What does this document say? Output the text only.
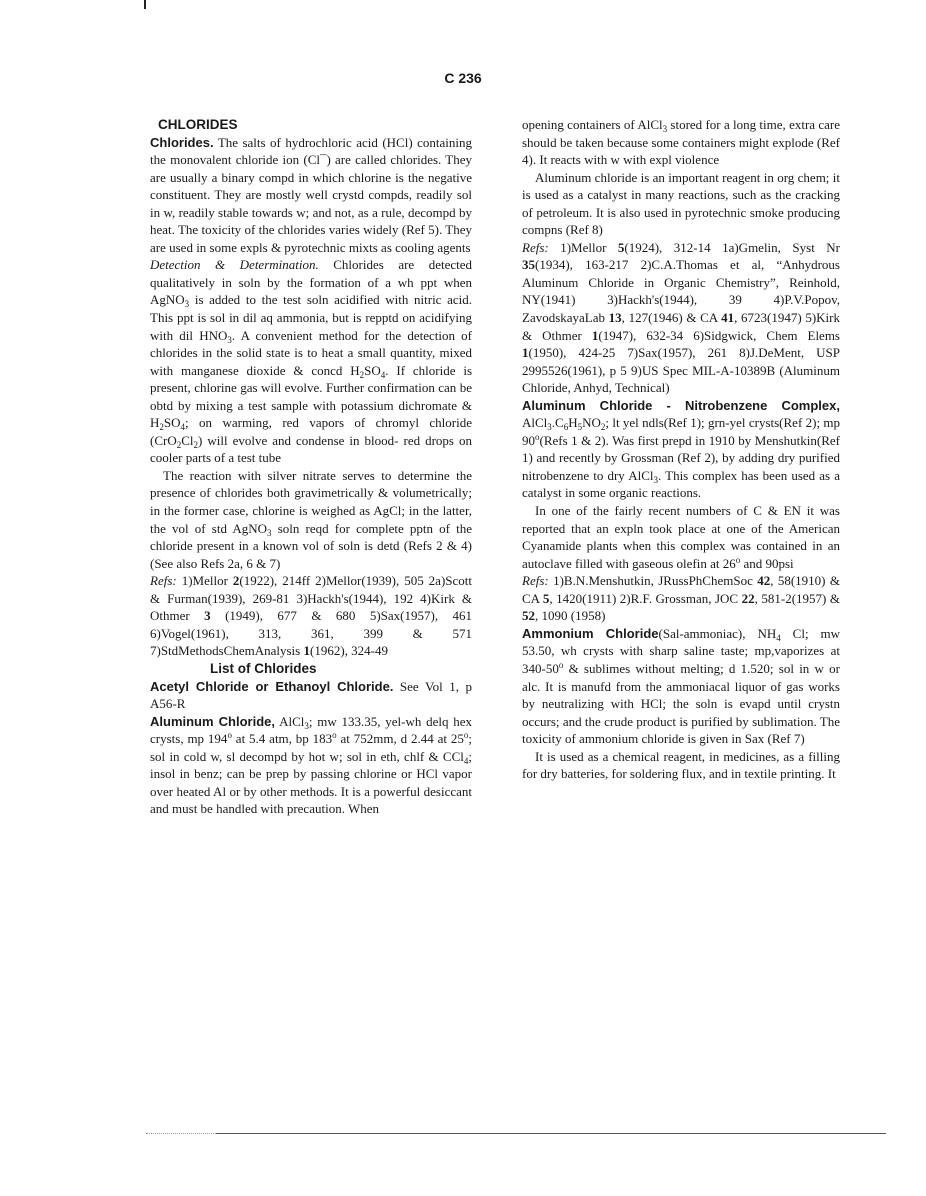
C 236

CHLORIDES

Chlorides. The salts of hydrochloric acid (HCl) containing the monovalent chloride ion (Cl¯) are called chlorides. They are usually a binary compd in which chlorine is the negative constituent. They are mostly well crystd compds, readily sol in w, readily stable towards w; and not, as a rule, decompd by heat. The toxicity of the chlorides varies widely (Ref 5). They are used in some expls & pyrotechnic mixts as cooling agents

Detection & Determination. Chlorides are detected qualitatively in soln by the formation of a wh ppt when AgNO$_3$ is added to the test soln acidified with nitric acid. This ppt is sol in dil aq ammonia, but is repptd on acidifying with dil $HNO_3$. A convenient method for the detection of chlorides in the solid state is to heat a small quantity, mixed with manganese dioxide & concd $H_2SO_4$. If chloride is present, chlorine gas will evolve. Further confirmation can be obtd by mixing a test sample with potassium dichromate & $H_2SO_4$; on warming, red vapors of chromyl chloride $(CrO_2Cl_2)$ will evolve and condense in blood- red drops on cooler parts of a test tube

The reaction with silver nitrate serves to determine the presence of chlorides both gravimetrically & volumetrically; in the former case, chlorine is weighed as AgCl; in the latter, the vol of std AgNO$_3$ soln reqd for complete pptn of the chloride present in a known vol of soln is detd (Refs 2 & 4) (See also Refs 2a, 6 & 7)

Refs: 1)Mellor 2(1922), 214ff 2)Mellor(1939), 505 2a)Scott & Furman(1939), 269-81 3)Hackh's(1944), 192 4)Kirk & Othmer 3 (1949), 677 & 680 5)Sax(1957), 461 6)Vogel(1961), 313, 361, 399 & 571 7)StdMethodsChemAnalysis 1(1962), 324-49

List of Chlorides

Acetyl Chloride or Ethanoyl Chloride. See Vol 1, p A56-R

Aluminum Chloride, AlCl$_3$; mw 133.35, yel-wh delq hex crysts, mp 194$^o$ at 5.4 atm, bp 183$^o$ at 752mm, d 2.44 at 25$^o$; sol in cold w, sl decompd by hot w; sol in eth, chlf & CCl$_4$; insol in benz; can be prep by passing chlorine or HCl vapor over heated Al or by other methods. It is a powerful desiccant and must be handled with precaution. When

opening containers of AlCl$_3$ stored for a long time, extra care should be taken because some containers might explode (Ref 4). It reacts with w with expl violence

Aluminum chloride is an important reagent in org chem; it is used as a catalyst in many reactions, such as the cracking of petroleum. It is also used in pyrotechnic smoke producing compns (Ref 8)

Refs: 1)Mellor 5(1924), 312-14 1a)Gmelin, Syst Nr 35(1934), 163-217 2)C.A.Thomas et al, “Anhydrous Aluminum Chloride in Organic Chemistry”, Reinhold, NY(1941) 3)Hackh's(1944), 39 4)P.V.Popov, ZavodskayaLab 13, 127(1946) & CA 41, 6723(1947) 5)Kirk & Othmer 1(1947), 632-34 6)Sidgwick, Chem Elems 1(1950), 424-25 7)Sax(1957), 261 8)J.DeMent, USP 2995526(1961), p 5 9)US Spec MIL-A-10389B (Aluminum Chloride, Anhyd, Technical)

Aluminum Chloride - Nitrobenzene Complex, $AlCl_3.C_6H_5NO_2$; lt yel ndls(Ref 1); grn-yel crysts(Ref 2); mp 90$^o$(Refs 1 & 2). Was first prepd in 1910 by Menshutkin(Ref 1) and recently by Grossman (Ref 2), by adding dry purified nitrobenzene to dry AlCl$_3$. This complex has been used as a catalyst in some organic reactions.

In one of the fairly recent numbers of C & EN it was reported that an expln took place at one of the American Cyanamide plants when this complex was contained in an autoclave filled with gaseous olefin at 26$^o$ and 90psi

Refs: 1)B.N.Menshutkin, JRussPhChemSoc 42, 58(1910) & CA 5, 1420(1911) 2)R.F. Grossman, JOC 22, 581-2(1957) & 52, 1090 (1958)

Ammonium Chloride(Sal-ammoniac), $NH_4$ Cl; mw 53.50, wh crysts with sharp saline taste; mp,vaporizes at 340-50$^o$ & sublimes without melting; d 1.520; sol in w or alc. It is manufd from the ammoniacal liquor of gas works by neutralizing with HCl; the soln is evapd until crystn occurs; and the crude product is purified by sublimation. The toxicity of ammonium chloride is given in Sax (Ref 7)

It is used as a chemical reagent, in medicines, as a filling for dry batteries, for soldering flux, and in textile printing. It
